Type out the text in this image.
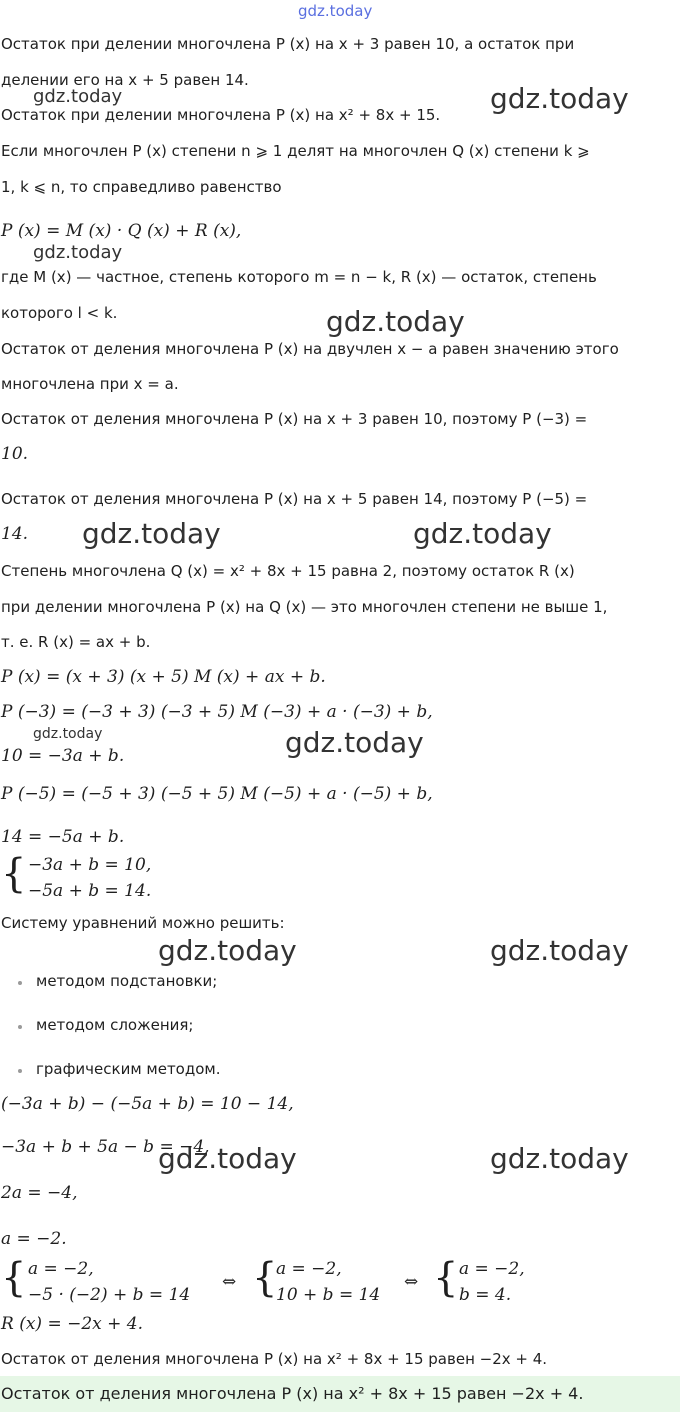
gdz.today
gdz.today	gdz.today
gdz.today
gdz.today
gdz.today	gdz.today
gdz.today	gdz.today
gdz.today	gdz.today
gdz.today	gdz.today
Остаток при делении многочлена P (x) на x + 3 равен 10, а остаток при
делении его на x + 5 равен 14.
Остаток при делении многочлена P (x) на x² + 8x + 15.
Если многочлен P (x) степени n ⩾ 1 делят на многочлен Q (x) степени k ⩾
1, k ⩽ n, то справедливо равенство
P (x) = M (x) · Q (x) + R (x),
где M (x) — частное, степень которого m = n − k, R (x) — остаток, степень
которого l < k.
Остаток от деления многочлена P (x) на двучлен x − a равен значению этого
многочлена при x = a.
Остаток от деления многочлена P (x) на x + 3 равен 10, поэтому P (−3) =
10.
Остаток от деления многочлена P (x) на x + 5 равен 14, поэтому P (−5) =
14.
Степень многочлена Q (x) = x² + 8x + 15 равна 2, поэтому остаток R (x)
при делении многочлена P (x) на Q (x) — это многочлен степени не выше 1,
т. е. R (x) = ax + b.
P (x) = (x + 3) (x + 5) M (x) + ax + b.
P (−3) = (−3 + 3) (−3 + 5) M (−3) + a · (−3) + b,
10 = −3a + b.
P (−5) = (−5 + 3) (−5 + 5) M (−5) + a · (−5) + b,
14 = −5a + b.
{ −3a + b = 10,
−5a + b = 14.
Систему уравнений можно решить:
методом подстановки;
методом сложения;
графическим методом.
(−3a + b) − (−5a + b) = 10 − 14,
−3a + b + 5a − b = −4,
2a = −4,
a = −2.
{ a = −2,
−5 · (−2) + b = 14
⇔ {
a = −2,
10 + b = 14
⇔ { a = −2,
b = 4.
R (x) = −2x + 4.
Остаток от деления многочлена P (x) на x² + 8x + 15 равен −2x + 4.
Остаток от деления многочлена P (x) на x² + 8x + 15 равен −2x + 4.
